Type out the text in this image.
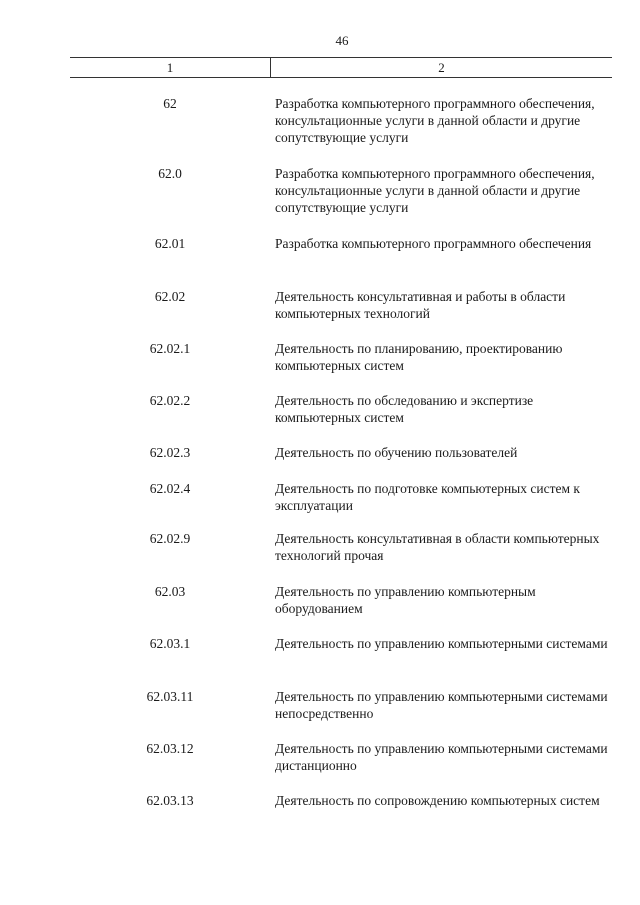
46
1	2
62	Разработка компьютерного программного обеспечения, консультационные услуги в данной области и другие сопутствующие услуги
62.0	Разработка компьютерного программного обеспечения, консультационные услуги в данной области и другие сопутствующие услуги
62.01	Разработка компьютерного программного обеспечения
62.02	Деятельность консультативная и работы в области компьютерных технологий
62.02.1	Деятельность по планированию, проектированию компьютерных систем
62.02.2	Деятельность по обследованию и экспертизе компьютерных систем
62.02.3	Деятельность по обучению пользователей
62.02.4	Деятельность по подготовке компьютерных систем к эксплуатации
62.02.9	Деятельность консультативная в области компьютерных технологий прочая
62.03	Деятельность по управлению компьютерным оборудованием
62.03.1	Деятельность по управлению компьютерными системами
62.03.11	Деятельность по управлению компьютерными системами непосредственно
62.03.12	Деятельность по управлению компьютерными системами дистанционно
62.03.13	Деятельность по сопровождению компьютерных систем
